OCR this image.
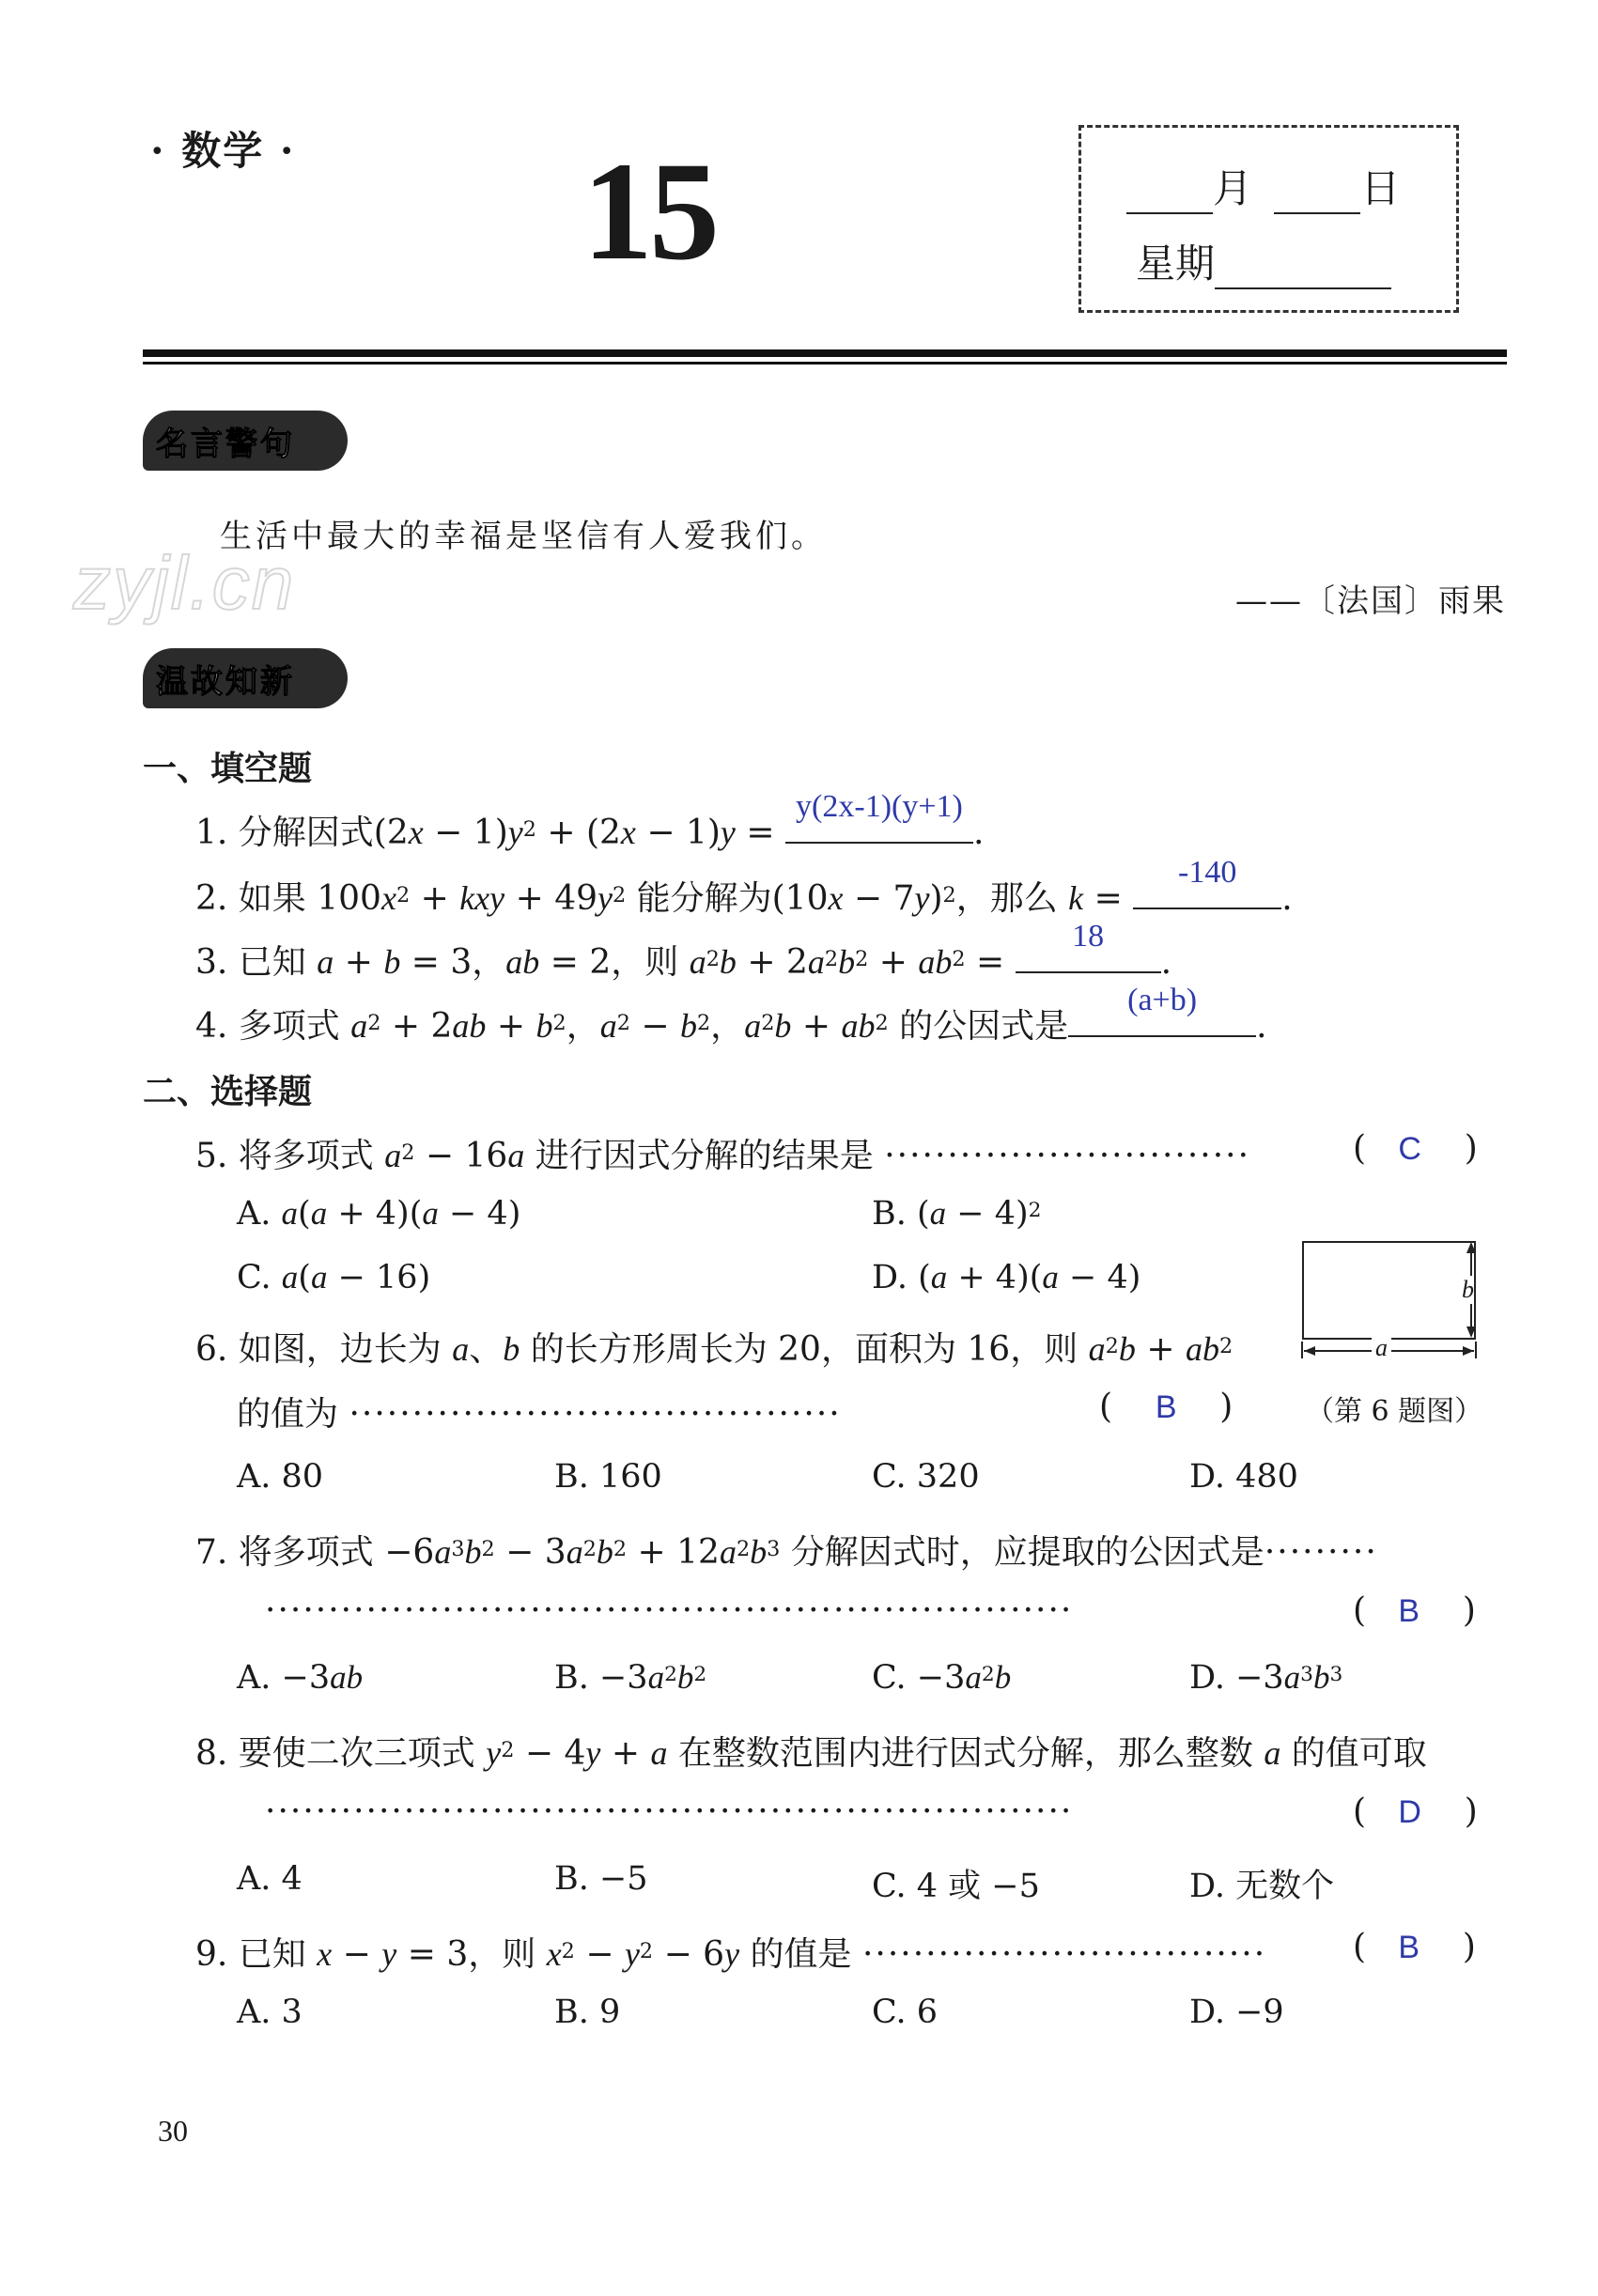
· 数学 · 15	月	日
星期
名言警句
zyjl.cn
生活中最大的幸福是坚信有人爱我们。
——〔法国〕雨果
温故知新
一、填空题
1. 分解因式$(2x - 1)y^2 + (2x - 1)y$ =
y(2x-1)(y+1)
.
2. 如果 $100x^2$ + kxy + $49y^2$ 能分解为$(10x - 7y)^2$，那么 k =
-140
.
3. 已知 a + b = 3，ab = 2，则 $a^2b + 2a^2b^2 + ab^2$ =
18
.
4. 多项式 $a^2 + 2ab + b^2$，$a^2 - b^2$，$a^2b + ab^2$ 的公因式是
(a+b)
.
二、选择题
5. 将多项式 $a^2 - 16a$ 进行因式分解的结果是 ·····························	(   C    )
A. a(a + 4)(a − 4)	B. $(a - 4)^2$
C. a(a − 16)	D. (a + 4)(a − 4)	b
a
（第 6 题图）
6. 如图，边长为 a、b 的长方形周长为 20，面积为 16，则 $a^2b + ab^2$
的值为 ·······································	(    B    )
A. 80	B. 160	C. 320	D. 480
7. 将多项式 $-6a^3b^2 - 3a^2b^2 + 12a^2b^3$ 分解因式时，应提取的公因式是·········
································································	(   B    )
A. −3ab	B. $-3a^2b^2$	C. $-3a^2b$	D. $-3a^3b^3$
8. 要使二次三项式 $y^2 - 4y + a$ 在整数范围内进行因式分解，那么整数 a 的值可取
································································	(   D    )
A. 4	B. −5	C. 4 或 −5	D. 无数个
9. 已知 x − y = 3，则 $x^2 - y^2 - 6y$ 的值是 ································	(   B    )
A. 3	B. 9	C. 6	D. −9
30
